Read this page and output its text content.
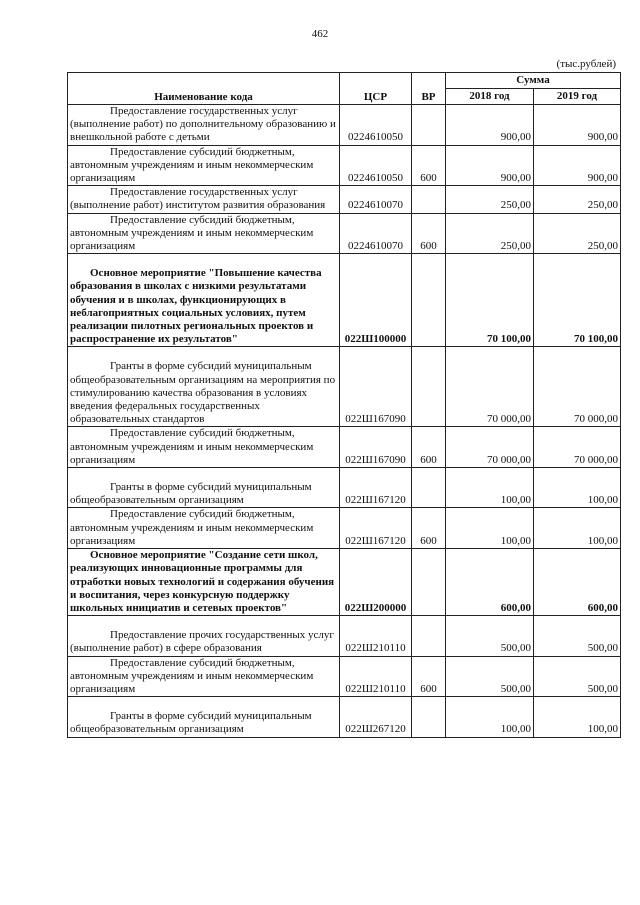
462
(тыс.рублей)
Наименование кода	ЦСР	ВР	Сумма	
			2018 год	2019 год

Предоставление государственных услуг (выполнение работ) по дополнительному образованию и внешкольной работе с детьми	0224610050		900,00	900,00

Предоставление субсидий бюджетным, автономным учреждениям и иным некоммерческим организациям	0224610050	600	900,00	900,00

Предоставление государственных услуг (выполнение работ) институтом развития образования	0224610070		250,00	250,00

Предоставление субсидий бюджетным, автономным учреждениям и иным некоммерческим организациям	0224610070	600	250,00	250,00

Основное мероприятие "Повышение качества образования в школах с низкими результатами обучения и в школах, функционирующих в неблагоприятных социальных условиях, путем реализации пилотных региональных проектов и распространение их результатов"	022Ш100000		70 100,00	70 100,00

Гранты в форме субсидий муниципальным общеобразовательным организациям на мероприятия по стимулированию качества образования в условиях введения федеральных государственных образовательных стандартов	022Ш167090		70 000,00	70 000,00

Предоставление субсидий бюджетным, автономным учреждениям и иным некоммерческим организациям	022Ш167090	600	70 000,00	70 000,00

Гранты в форме субсидий муниципальным общеобразовательным организациям	022Ш167120		100,00	100,00

Предоставление субсидий бюджетным, автономным учреждениям и иным некоммерческим организациям	022Ш167120	600	100,00	100,00

Основное мероприятие "Создание сети школ, реализующих инновационные программы для отработки новых технологий и содержания обучения и воспитания, через конкурсную поддержку школьных инициатив и сетевых проектов"	022Ш200000		600,00	600,00

Предоставление прочих государственных услуг (выполнение работ) в сфере образования	022Ш210110		500,00	500,00

Предоставление субсидий бюджетным, автономным учреждениям и иным некоммерческим организациям	022Ш210110	600	500,00	500,00

Гранты в форме субсидий муниципальным общеобразовательным организациям	022Ш267120		100,00	100,00
